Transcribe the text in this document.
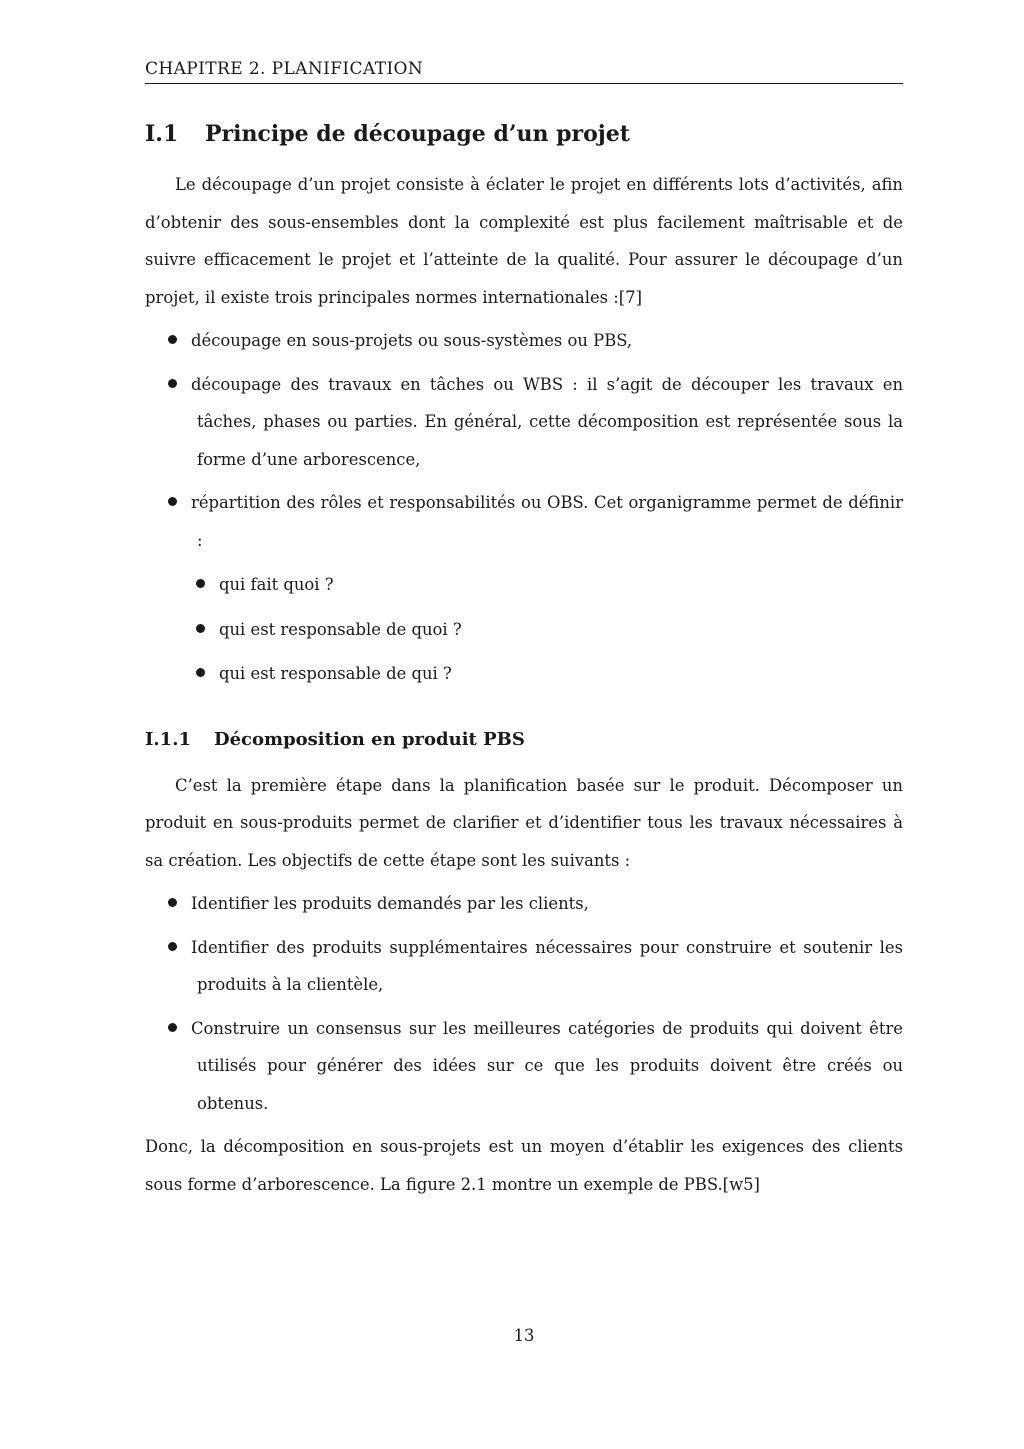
CHAPITRE 2. PLANIFICATION
I.1 Principe de découpage d’un projet

Le découpage d’un projet consiste à éclater le projet en différents lots d’activités, afin d’obtenir des sous-ensembles dont la complexité est plus facilement maîtrisable et de suivre efficacement le projet et l’atteinte de la qualité. Pour assurer le découpage d’un projet, il existe trois principales normes internationales :[7]

découpage en sous-projets ou sous-systèmes ou PBS,
découpage des travaux en tâches ou WBS : il s’agit de découper les travaux en tâches, phases ou parties. En général, cette décomposition est représentée sous la forme d’une arborescence,
répartition des rôles et responsabilités ou OBS. Cet organigramme permet de définir :
qui fait quoi ?
qui est responsable de quoi ?
qui est responsable de qui ?
I.1.1 Décomposition en produit PBS

C’est la première étape dans la planification basée sur le produit. Décomposer un produit en sous-produits permet de clarifier et d’identifier tous les travaux nécessaires à sa création. Les objectifs de cette étape sont les suivants :

Identifier les produits demandés par les clients,
Identifier des produits supplémentaires nécessaires pour construire et soutenir les produits à la clientèle,
Construire un consensus sur les meilleures catégories de produits qui doivent être utilisés pour générer des idées sur ce que les produits doivent être créés ou obtenus.

Donc, la décomposition en sous-projets est un moyen d’établir les exigences des clients sous forme d’arborescence. La figure 2.1 montre un exemple de PBS.[w5]

13
